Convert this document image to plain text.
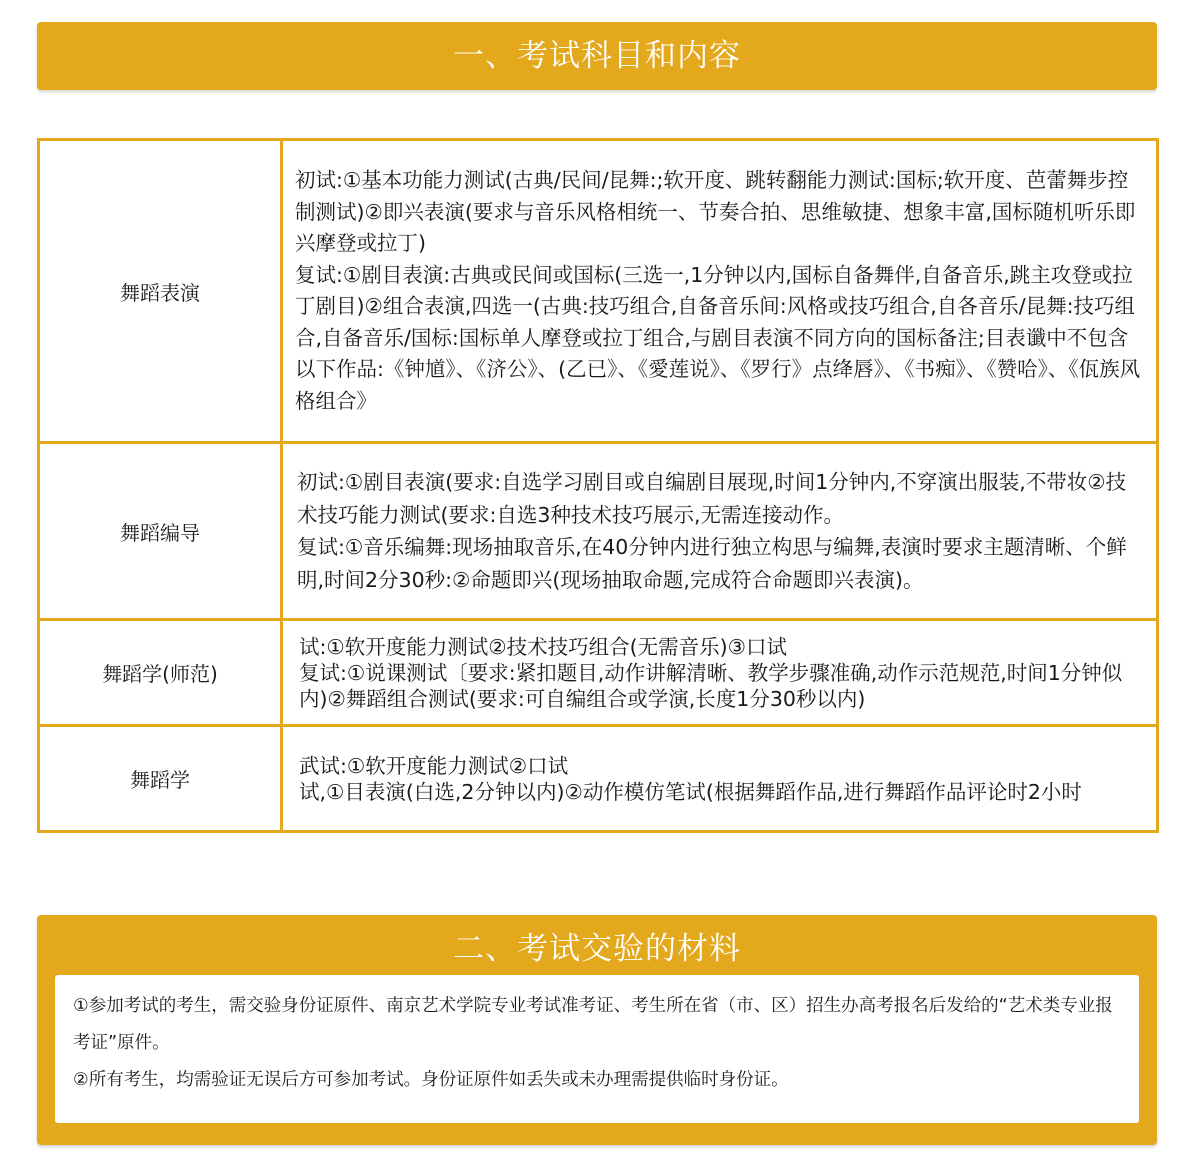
一、考试科目和内容
舞蹈表演	初试:①基本功能力测试(古典/民间/昆舞:;软开度、跳转翻能力测试:国标;软开度、芭蕾舞步控制测试)②即兴表演(要求与音乐风格相统一、节奏合拍、思维敏捷、想象丰富,国标随机听乐即兴摩登或拉丁)
复试:①剧目表演:古典或民间或国标(三选一,1分钟以内,国标自备舞伴,自备音乐,跳主攻登或拉丁剧目)②组合表演,四选一(古典:技巧组合,自备音乐间:风格或技巧组合,自各音乐/昆舞:技巧组合,自备音乐/国标:国标单人摩登或拉丁组合,与剧目表演不同方向的国标备注;目表谶中不包含以下作品:《钟馗》、《济公》、(乙已》、《愛莲说》、《罗行》点绛唇》、《书痴》、《赞哈》、《佤族风格组合》

舞蹈编导	初试:①剧目表演(要求:自选学习剧目或自编剧目展现,时间1分钟内,不穿演出服装,不带妆②技术技巧能力测试(要求:自选3种技术技巧展示,无需连接动作。
复试:①音乐编舞:现场抽取音乐,在40分钟内进行独立构思与编舞,表演时要求主题清晰、个鲜明,时间2分30秒:②命题即兴(现场抽取命题,完成符合命题即兴表演)。

舞蹈学(师范)	试:①软开度能力测试②技术技巧组合(无需音乐)③口试
复试:①说课测试〔要求:紧扣题目,动作讲解清晰、教学步骤准确,动作示范规范,时间1分钟似内)②舞蹈组合测试(要求:可自编组合或学演,长度1分30秒以内)

舞蹈学	武试:①软开度能力测试②口试
试,①目表演(白选,2分钟以内)②动作模仿笔试(根据舞蹈作品,进行舞蹈作品评论时2小时
二、考试交验的材料
①参加考试的考生，需交验身份证原件、南京艺术学院专业考试准考证、考生所在省（市、区）招生办高考报名后发给的“艺术类专业报考证”原件。
②所有考生，均需验证无误后方可参加考试。身份证原件如丢失或未办理需提供临时身份证。
